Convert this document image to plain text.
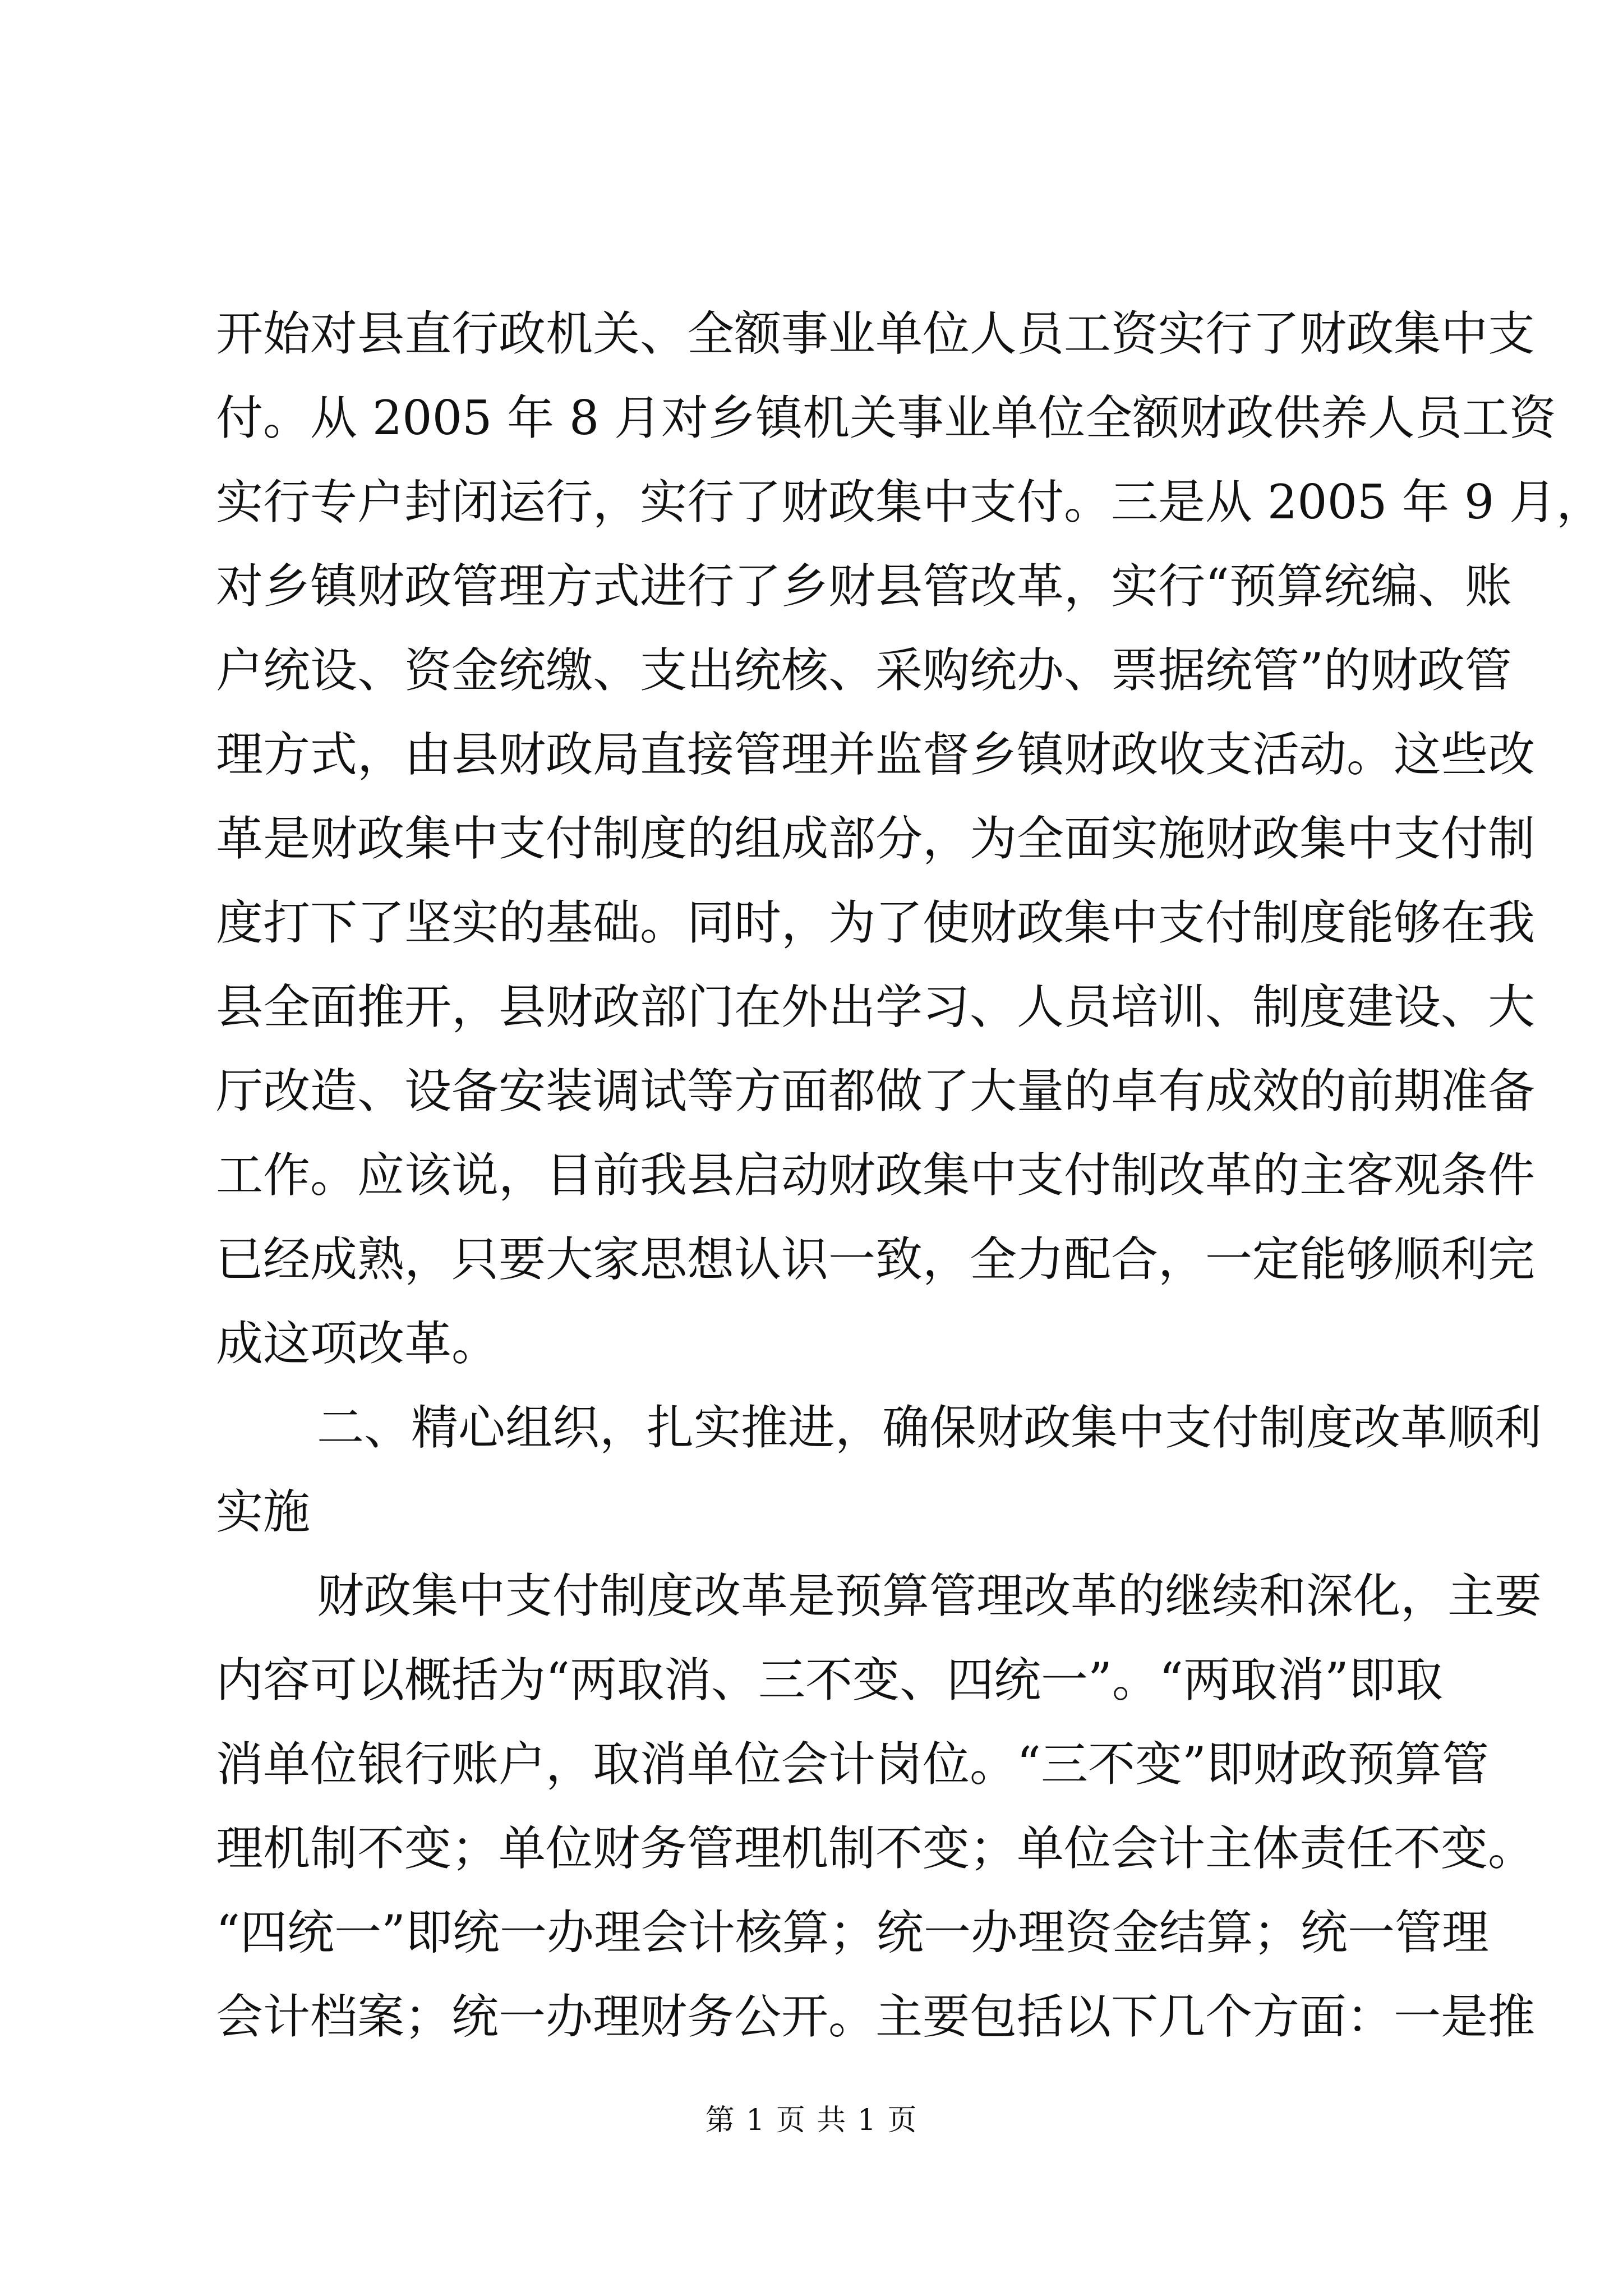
开始对县直行政机关、全额事业单位人员工资实行了财政集中支
付。从 2005 年 8 月对乡镇机关事业单位全额财政供养人员工资
实行专户封闭运行，实行了财政集中支付。三是从 2005 年 9 月，
对乡镇财政管理方式进行了乡财县管改革，实行“预算统编、账
户统设、资金统缴、支出统核、采购统办、票据统管”的财政管
理方式，由县财政局直接管理并监督乡镇财政收支活动。这些改
革是财政集中支付制度的组成部分，为全面实施财政集中支付制
度打下了坚实的基础。同时，为了使财政集中支付制度能够在我
县全面推开，县财政部门在外出学习、人员培训、制度建设、大
厅改造、设备安装调试等方面都做了大量的卓有成效的前期准备
工作。应该说，目前我县启动财政集中支付制改革的主客观条件
已经成熟，只要大家思想认识一致，全力配合，一定能够顺利完
成这项改革。
二、精心组织，扎实推进，确保财政集中支付制度改革顺利
实施
财政集中支付制度改革是预算管理改革的继续和深化，主要
内容可以概括为“两取消、三不变、四统一”。“两取消”即取
消单位银行账户，取消单位会计岗位。“三不变”即财政预算管
理机制不变；单位财务管理机制不变；单位会计主体责任不变。
“四统一”即统一办理会计核算；统一办理资金结算；统一管理
会计档案；统一办理财务公开。主要包括以下几个方面：一是推
第 1 页 共 1 页
